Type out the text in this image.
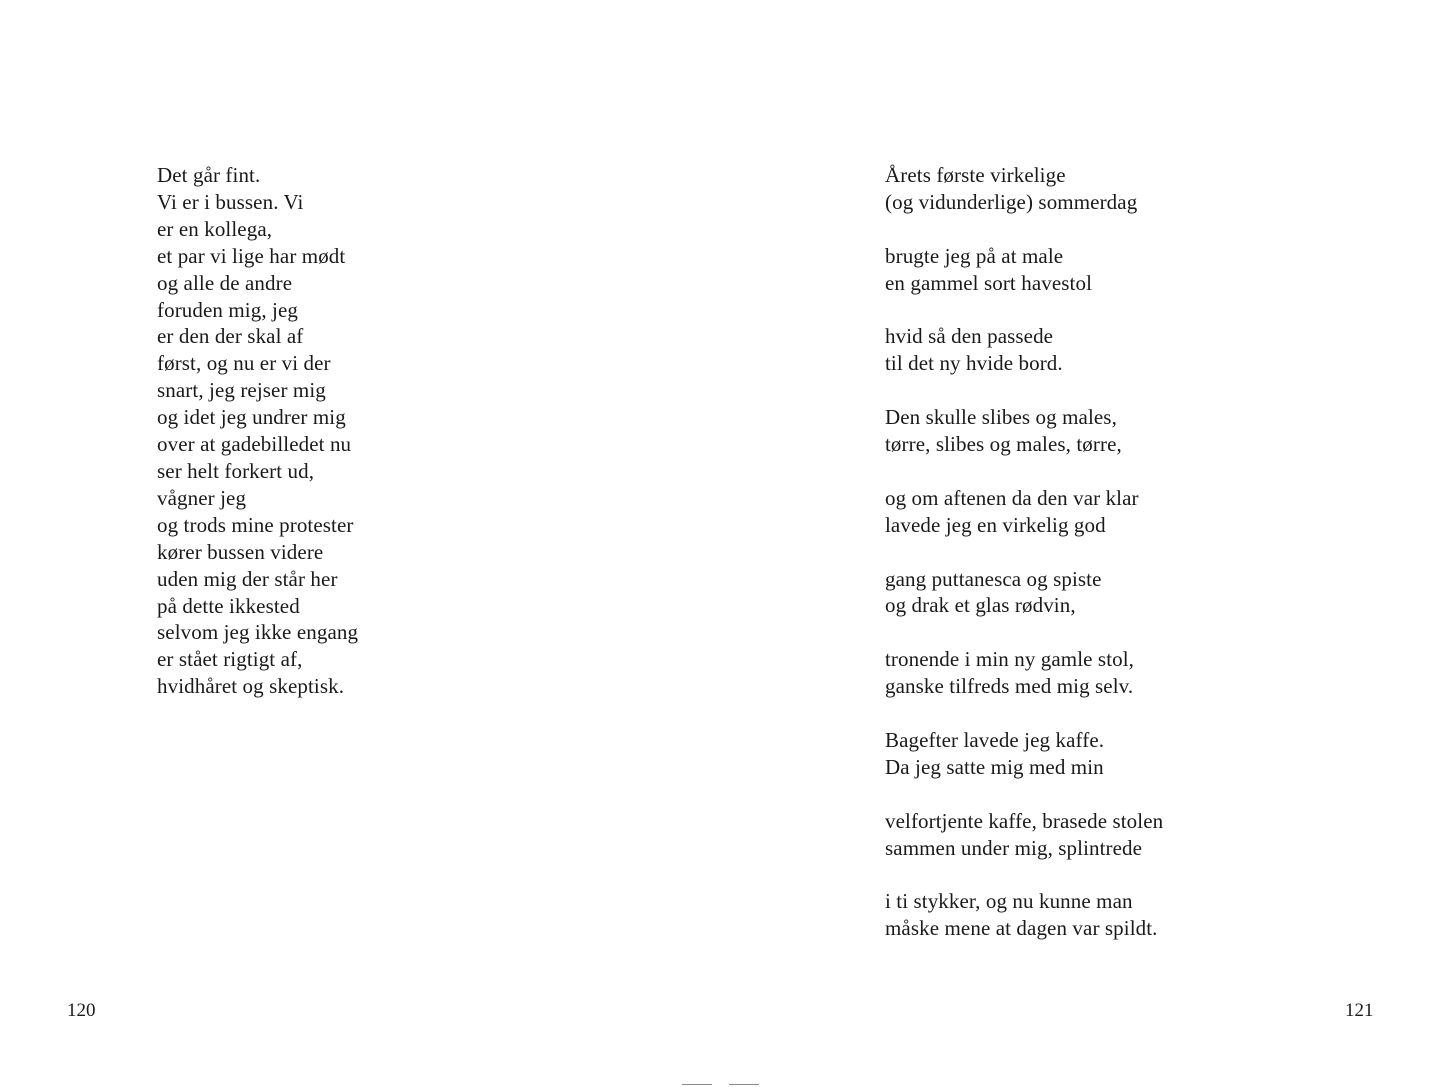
Det går fint.
Vi er i bussen. Vi
er en kollega,
et par vi lige har mødt
og alle de andre
foruden mig, jeg
er den der skal af
først, og nu er vi der
snart, jeg rejser mig
og idet jeg undrer mig
over at gadebilledet nu
ser helt forkert ud,
vågner jeg
og trods mine protester
kører bussen videre
uden mig der står her
på dette ikkested
selvom jeg ikke engang
er stået rigtigt af,
hvidhåret og skeptisk.
120
Årets første virkelige
(og vidunderlige) sommerdag
brugte jeg på at male
en gammel sort havestol
hvid så den passede
til det ny hvide bord.
Den skulle slibes og males,
tørre, slibes og males, tørre,
og om aftenen da den var klar
lavede jeg en virkelig god
gang puttanesca og spiste
og drak et glas rødvin,
tronende i min ny gamle stol,
ganske tilfreds med mig selv.
Bagefter lavede jeg kaffe.
Da jeg satte mig med min
velfortjente kaffe, brasede stolen
sammen under mig, splintrede
i ti stykker, og nu kunne man
måske mene at dagen var spildt.
121
